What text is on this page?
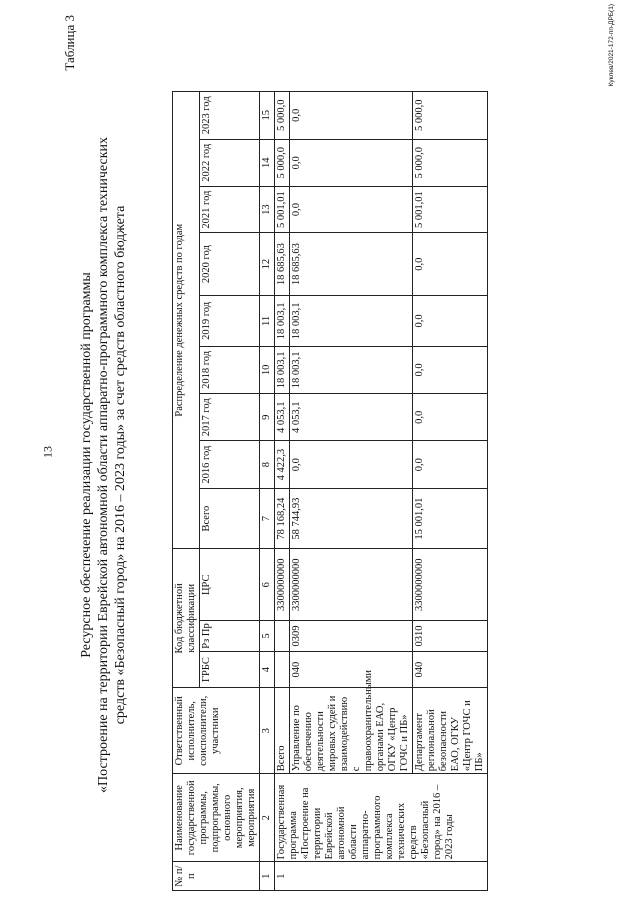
13
Таблица 3
Ресурсное обеспечение реализации государственной программы «Построение на территории Еврейской автономной области аппаратно-программного комплекса технических средств «Безопасный город» на 2016 – 2023 годы» за счет средств областного бюджета
№ п/п	Наименование государственной программы, подпрограммы, основного мероприятия, мероприятия	Ответственный исполнитель, соисполнители, участники	Код бюджетной классификации			Распределение денежных средств по годам								
			ГРБС	Рз Пр	ЦРС	Всего	2016 год	2017 год	2018 год	2019 год	2020 год	2021 год	2022 год	2023 год
1	2	3	4	5	6	7	8	9	10	11	12	13	14	15
1	Государственная программа «Построение на территории Еврейской автономной области аппаратно-программного комплекса технических средств «Безопасный город» на 2016 – 2023 годы	Всего			3300000000	78 168,24	4 422,3	4 053,1	18 003,1	18 003,1	18 685,63	5 001,01	5 000,0	5 000,0
		Управление по обеспечению деятельности мировых судей и взаимодействию с правоохранительными органами ЕАО, ОГКУ «Центр ГОЧС и ПБ»	040	0309	3300000000	58 744,93	0,0	4 053,1	18 003,1	18 003,1	18 685,63	0,0	0,0	0,0
		Департамент региональной безопасности ЕАО, ОГКУ «Центр ГОЧС и ПБ»	040	0310	3300000000	15 001,01	0,0	0,0	0,0	0,0	0,0	5 001,01	5 000,0	5 000,0
Куклев/2021-172-пп-ДРБ(1)
